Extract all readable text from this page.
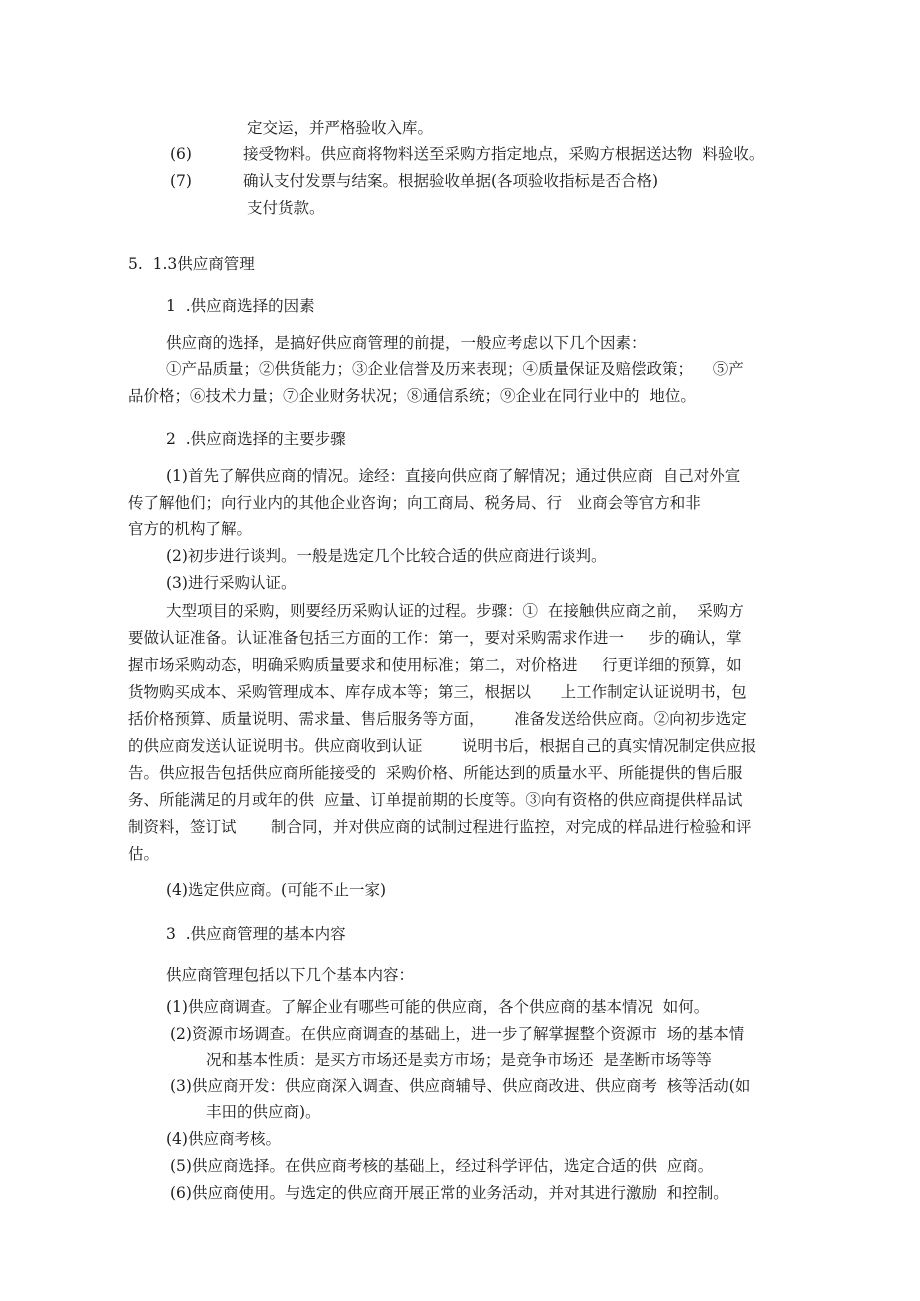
定交运，并严格验收入库。
(6)	接受物料。供应商将物料送至采购方指定地点，采购方根据送达物  料验收。
(7)	确认支付发票与结案。根据验收单据(各项验收指标是否合格)
支付货款。
5.  1.3供应商管理
1  .供应商选择的因素
供应商的选择，是搞好供应商管理的前提，一般应考虑以下几个因素：
①产品质量；②供货能力；③企业信誉及历来表现；④质量保证及赔偿政策；    ⑤产
品价格；⑥技术力量；⑦企业财务状况；⑧通信系统；⑨企业在同行业中的  地位。
2  .供应商选择的主要步骤
(1)首先了解供应商的情况。途经：直接向供应商了解情况；通过供应商  自己对外宣
传了解他们；向行业内的其他企业咨询；向工商局、税务局、行   业商会等官方和非
官方的机构了解。
(2)初步进行谈判。一般是选定几个比较合适的供应商进行谈判。
(3)进行采购认证。
大型项目的采购，则要经历采购认证的过程。步骤：①  在接触供应商之前，  采购方
要做认证准备。认证准备包括三方面的工作：第一，要对采购需求作进一     步的确认，掌
握市场采购动态，明确采购质量要求和使用标准；第二，对价格进     行更详细的预算，如
货物购买成本、采购管理成本、库存成本等；第三，根据以      上工作制定认证说明书，包
括价格预算、质量说明、需求量、售后服务等方面，      准备发送给供应商。②向初步选定
的供应商发送认证说明书。供应商收到认证        说明书后，根据自己的真实情况制定供应报
告。供应报告包括供应商所能接受的  采购价格、所能达到的质量水平、所能提供的售后服
务、所能满足的月或年的供  应量、订单提前期的长度等。③向有资格的供应商提供样品试
制资料，签订试       制合同，并对供应商的试制过程进行监控，对完成的样品进行检验和评
估。
(4)选定供应商。(可能不止一家)
3  .供应商管理的基本内容
供应商管理包括以下几个基本内容：
(1)供应商调查。了解企业有哪些可能的供应商，各个供应商的基本情况  如何。
(2)资源市场调查。在供应商调查的基础上，进一步了解掌握整个资源市  场的基本情
况和基本性质：是买方市场还是卖方市场；是竞争市场还  是垄断市场等等
(3)供应商开发：供应商深入调查、供应商辅导、供应商改进、供应商考  核等活动(如
丰田的供应商)。
(4)供应商考核。
(5)供应商选择。在供应商考核的基础上，经过科学评估，选定合适的供  应商。
(6)供应商使用。与选定的供应商开展正常的业务活动，并对其进行激励  和控制。
